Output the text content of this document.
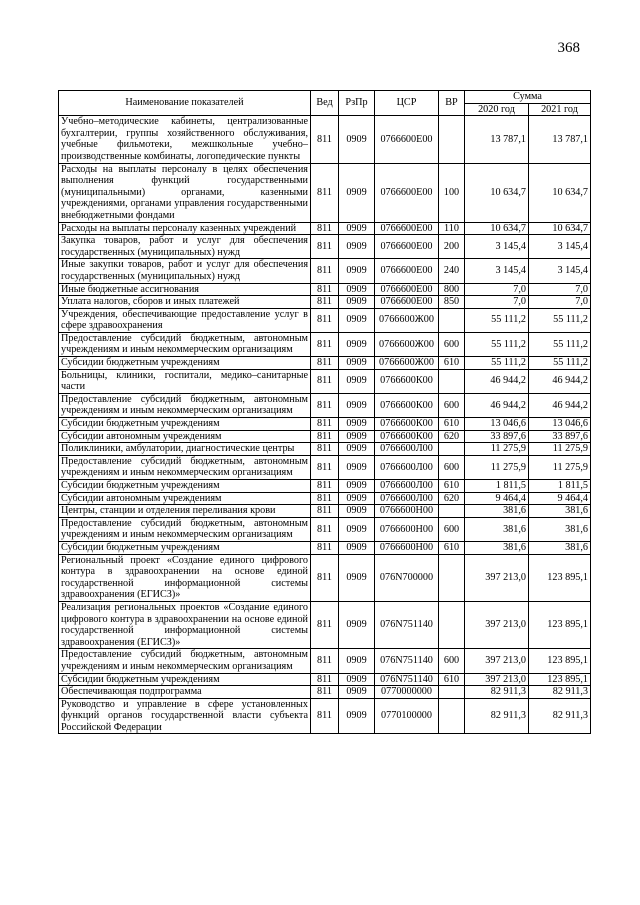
368
Наименование показателей	Вед	РзПр	ЦСР	ВР	Сумма	
					2020 год	2021 год
Учебно–методические кабинеты, централизованные бухгалтерии, группы хозяйственного обслуживания, учебные фильмотеки, межшкольные учебно–производственные комбинаты, логопедические пункты	811	0909	0766600Е00		13 787,1	13 787,1
Расходы на выплаты персоналу в целях обеспечения выполнения функций государственными (муниципальными) органами, казенными учреждениями, органами управления государственными внебюджетными фондами	811	0909	0766600Е00	100	10 634,7	10 634,7
Расходы на выплаты персоналу казенных учреждений	811	0909	0766600Е00	110	10 634,7	10 634,7
Закупка товаров, работ и услуг для обеспечения государственных (муниципальных) нужд	811	0909	0766600Е00	200	3 145,4	3 145,4
Иные закупки товаров, работ и услуг для обеспечения государственных (муниципальных) нужд	811	0909	0766600Е00	240	3 145,4	3 145,4
Иные бюджетные ассигнования	811	0909	0766600Е00	800	7,0	7,0
Уплата налогов, сборов и иных платежей	811	0909	0766600Е00	850	7,0	7,0
Учреждения, обеспечивающие предоставление услуг в сфере здравоохранения	811	0909	0766600Ж00		55 111,2	55 111,2
Предоставление субсидий бюджетным, автономным учреждениям и иным некоммерческим организациям	811	0909	0766600Ж00	600	55 111,2	55 111,2
Субсидии бюджетным учреждениям	811	0909	0766600Ж00	610	55 111,2	55 111,2
Больницы, клиники, госпитали, медико–санитарные части	811	0909	0766600К00		46 944,2	46 944,2
Предоставление субсидий бюджетным, автономным учреждениям и иным некоммерческим организациям	811	0909	0766600К00	600	46 944,2	46 944,2
Субсидии бюджетным учреждениям	811	0909	0766600К00	610	13 046,6	13 046,6
Субсидии автономным учреждениям	811	0909	0766600К00	620	33 897,6	33 897,6
Поликлиники, амбулатории, диагностические центры	811	0909	0766600Л00		11 275,9	11 275,9
Предоставление субсидий бюджетным, автономным учреждениям и иным некоммерческим организациям	811	0909	0766600Л00	600	11 275,9	11 275,9
Субсидии бюджетным учреждениям	811	0909	0766600Л00	610	1 811,5	1 811,5
Субсидии автономным учреждениям	811	0909	0766600Л00	620	9 464,4	9 464,4
Центры, станции и отделения переливания крови	811	0909	0766600Н00		381,6	381,6
Предоставление субсидий бюджетным, автономным учреждениям и иным некоммерческим организациям	811	0909	0766600Н00	600	381,6	381,6
Субсидии бюджетным учреждениям	811	0909	0766600Н00	610	381,6	381,6
Региональный проект «Создание единого цифрового контура в здравоохранении на основе единой государственной информационной системы здравоохранения (ЕГИСЗ)»	811	0909	076N700000		397 213,0	123 895,1
Реализация региональных проектов «Создание единого цифрового контура в здравоохранении на основе единой государственной информационной системы здравоохранения (ЕГИСЗ)»	811	0909	076N751140		397 213,0	123 895,1
Предоставление субсидий бюджетным, автономным учреждениям и иным некоммерческим организациям	811	0909	076N751140	600	397 213,0	123 895,1
Субсидии бюджетным учреждениям	811	0909	076N751140	610	397 213,0	123 895,1
Обеспечивающая подпрограмма	811	0909	0770000000		82 911,3	82 911,3
Руководство и управление в сфере установленных функций органов государственной власти субъекта Российской Федерации	811	0909	0770100000		82 911,3	82 911,3
